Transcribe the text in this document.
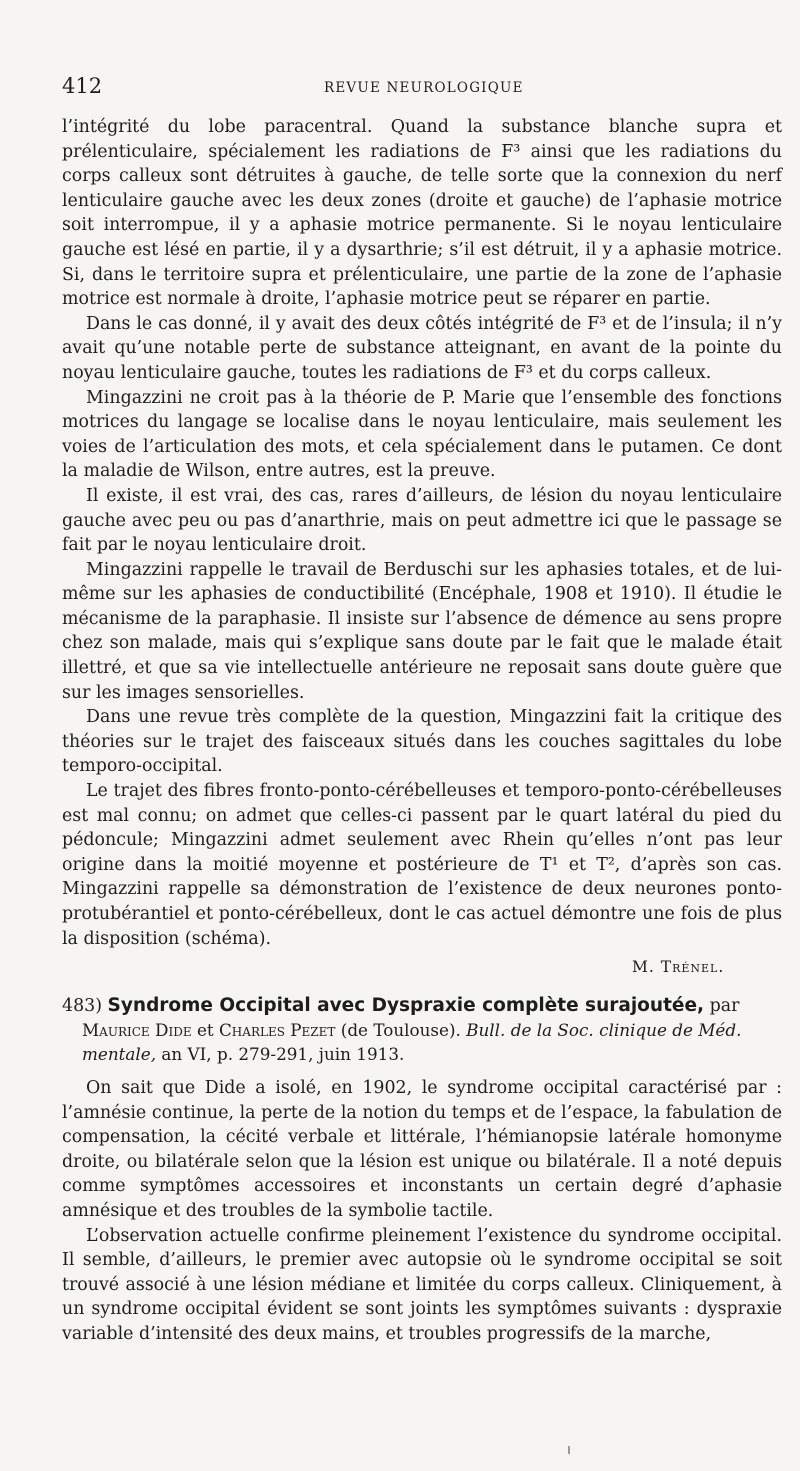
412	REVUE NEUROLOGIQUE

l’intégrité du lobe paracentral. Quand la substance blanche supra et prélenticulaire, spécialement les radiations de F³ ainsi que les radiations du corps calleux sont détruites à gauche, de telle sorte que la connexion du nerf lenticulaire gauche avec les deux zones (droite et gauche) de l’aphasie motrice soit interrompue, il y a aphasie motrice permanente. Si le noyau lenticulaire gauche est lésé en partie, il y a dysarthrie; s’il est détruit, il y a aphasie motrice. Si, dans le territoire supra et prélenticulaire, une partie de la zone de l’aphasie motrice est normale à droite, l’aphasie motrice peut se réparer en partie.

Dans le cas donné, il y avait des deux côtés intégrité de F³ et de l’insula; il n’y avait qu’une notable perte de substance atteignant, en avant de la pointe du noyau lenticulaire gauche, toutes les radiations de F³ et du corps calleux.

Mingazzini ne croit pas à la théorie de P. Marie que l’ensemble des fonctions motrices du langage se localise dans le noyau lenticulaire, mais seulement les voies de l’articulation des mots, et cela spécialement dans le putamen. Ce dont la maladie de Wilson, entre autres, est la preuve.

Il existe, il est vrai, des cas, rares d’ailleurs, de lésion du noyau lenticulaire gauche avec peu ou pas d’anarthrie, mais on peut admettre ici que le passage se fait par le noyau lenticulaire droit.

Mingazzini rappelle le travail de Berduschi sur les aphasies totales, et de lui-même sur les aphasies de conductibilité (Encéphale, 1908 et 1910). Il étudie le mécanisme de la paraphasie. Il insiste sur l’absence de démence au sens propre chez son malade, mais qui s’explique sans doute par le fait que le malade était illettré, et que sa vie intellectuelle antérieure ne reposait sans doute guère que sur les images sensorielles.

Dans une revue très complète de la question, Mingazzini fait la critique des théories sur le trajet des faisceaux situés dans les couches sagittales du lobe temporo-occipital.

Le trajet des fibres fronto-ponto-cérébelleuses et temporo-ponto-cérébelleuses est mal connu; on admet que celles-ci passent par le quart latéral du pied du pédoncule; Mingazzini admet seulement avec Rhein qu’elles n’ont pas leur origine dans la moitié moyenne et postérieure de T¹ et T², d’après son cas. Mingazzini rappelle sa démonstration de l’existence de deux neurones ponto-protubérantiel et ponto-cérébelleux, dont le cas actuel démontre une fois de plus la disposition (schéma).

M. Trénel.
483) Syndrome Occipital avec Dyspraxie complète surajoutée, par
Maurice Dide et Charles Pezet (de Toulouse). Bull. de la Soc. clinique de Méd. mentale, an VI, p. 279-291, juin 1913.

On sait que Dide a isolé, en 1902, le syndrome occipital caractérisé par : l’amnésie continue, la perte de la notion du temps et de l’espace, la fabulation de compensation, la cécité verbale et littérale, l’hémianopsie latérale homonyme droite, ou bilatérale selon que la lésion est unique ou bilatérale. Il a noté depuis comme symptômes accessoires et inconstants un certain degré d’aphasie amnésique et des troubles de la symbolie tactile.

L’observation actuelle confirme pleinement l’existence du syndrome occipital. Il semble, d’ailleurs, le premier avec autopsie où le syndrome occipital se soit trouvé associé à une lésion médiane et limitée du corps calleux. Cliniquement, à un syndrome occipital évident se sont joints les symptômes suivants : dyspraxie variable d’intensité des deux mains, et troubles progressifs de la marche,
